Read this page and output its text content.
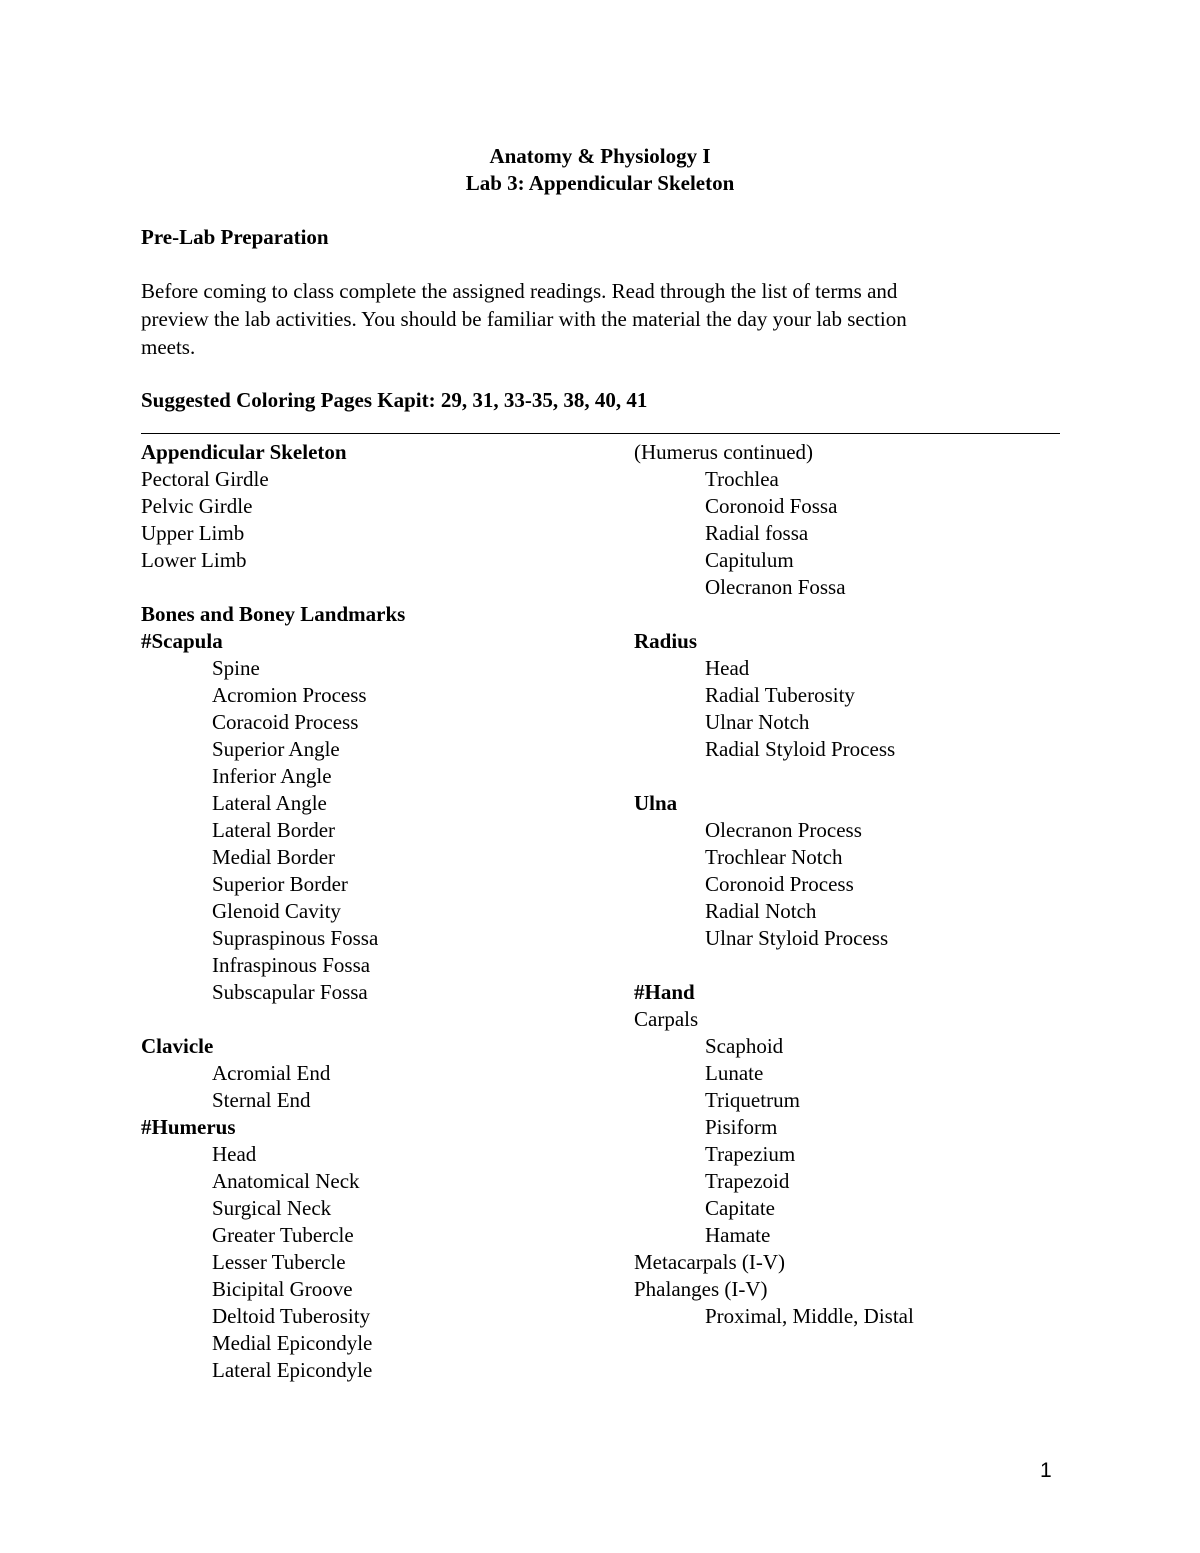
Anatomy & Physiology I
Lab 3: Appendicular Skeleton
Pre-Lab Preparation
Before coming to class complete the assigned readings. Read through the list of terms and
preview the lab activities. You should be familiar with the material the day your lab section
meets.
Suggested Coloring Pages Kapit: 29, 31, 33-35, 38, 40, 41
Appendicular Skeleton
Pectoral Girdle
Pelvic Girdle
Upper Limb
Lower Limb
Bones and Boney Landmarks
#Scapula
Spine
Acromion Process
Coracoid Process
Superior Angle
Inferior Angle
Lateral Angle
Lateral Border
Medial Border
Superior Border
Glenoid Cavity
Supraspinous Fossa
Infraspinous Fossa
Subscapular Fossa
Clavicle
Acromial End
Sternal End
#Humerus
Head
Anatomical Neck
Surgical Neck
Greater Tubercle
Lesser Tubercle
Bicipital Groove
Deltoid Tuberosity
Medial Epicondyle
Lateral Epicondyle
(Humerus continued)
Trochlea
Coronoid Fossa
Radial fossa
Capitulum
Olecranon Fossa
Radius
Head
Radial Tuberosity
Ulnar Notch
Radial Styloid Process
Ulna
Olecranon Process
Trochlear Notch
Coronoid Process
Radial Notch
Ulnar Styloid Process
#Hand
Carpals
Scaphoid
Lunate
Triquetrum
Pisiform
Trapezium
Trapezoid
Capitate
Hamate
Metacarpals (I-V)
Phalanges (I-V)
Proximal, Middle, Distal
1
